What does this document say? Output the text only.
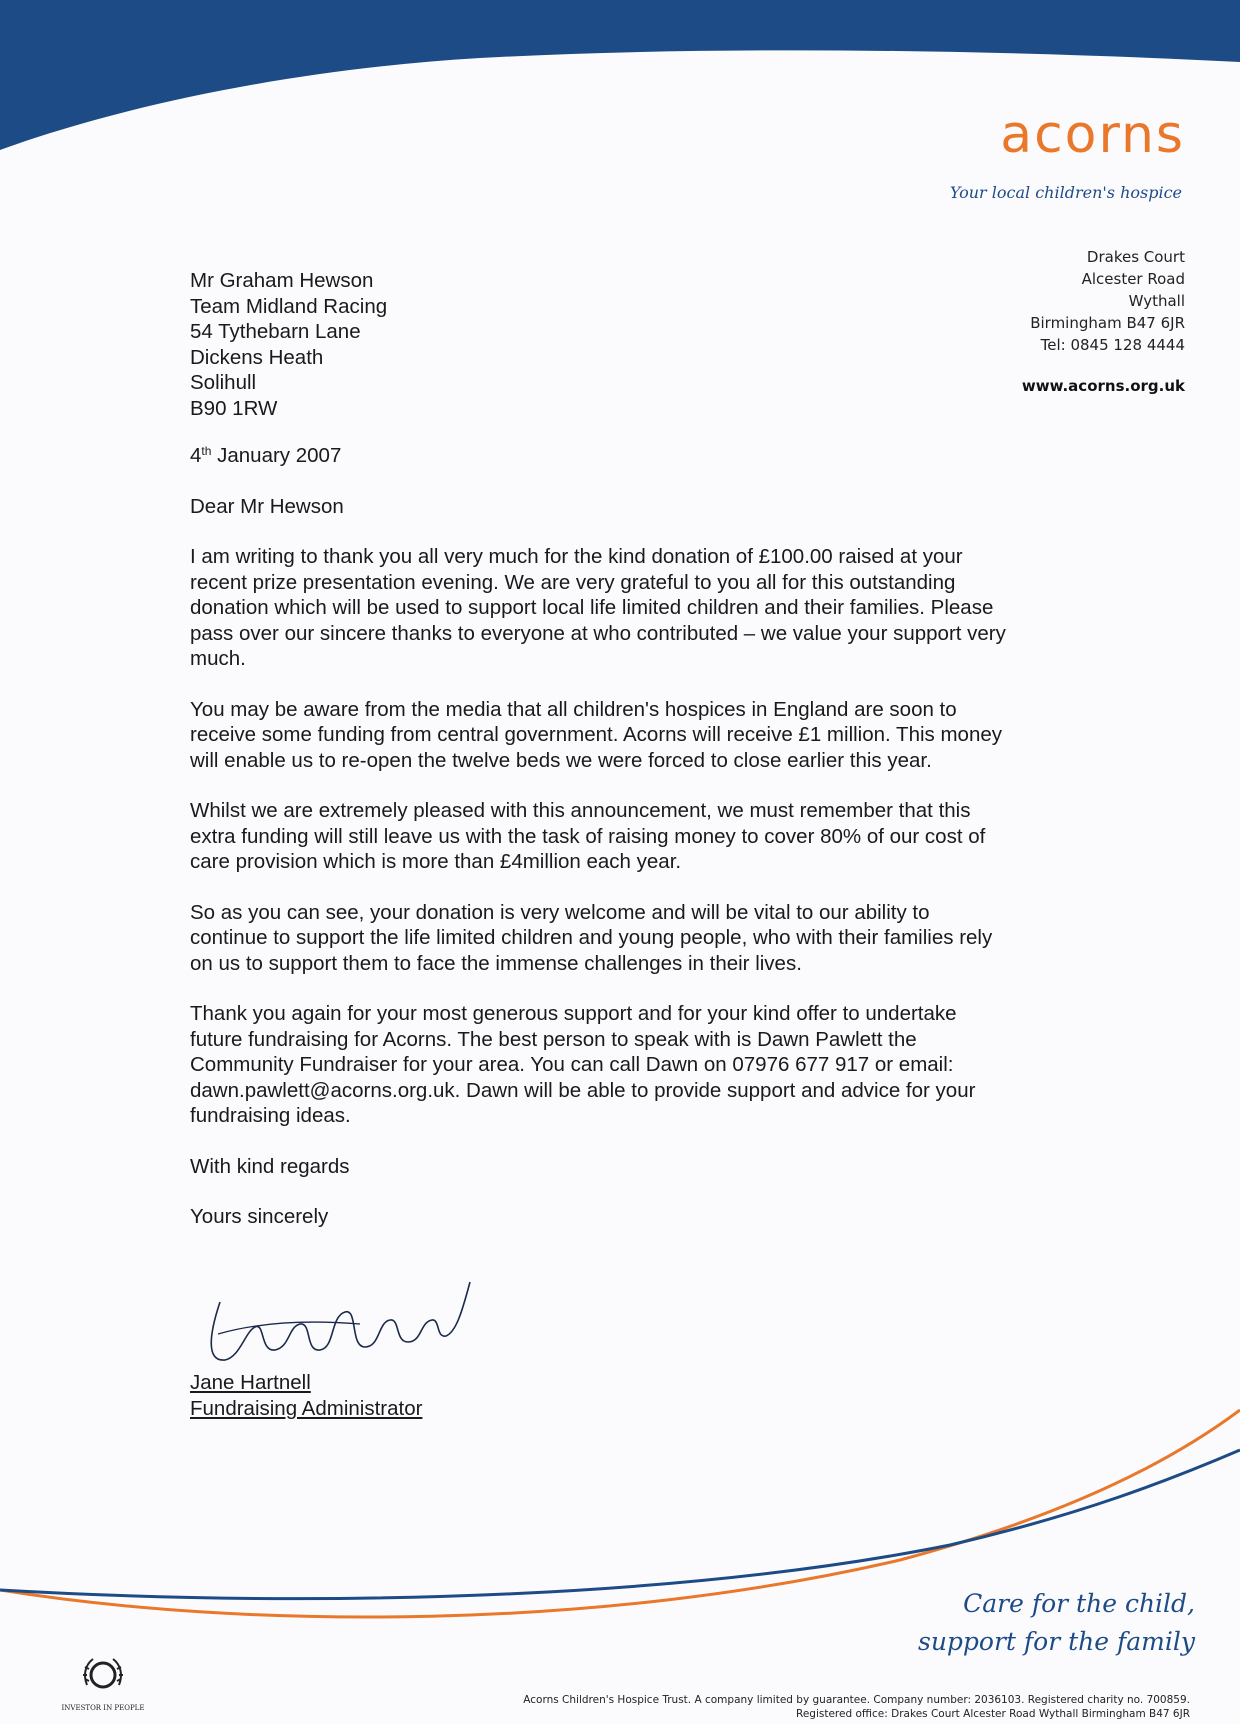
acorns
Your local children's hospice
Drakes Court
Alcester Road
Wythall
Birmingham B47 6JR
Tel: 0845 128 4444
www.acorns.org.uk

Mr Graham Hewson
Team Midland Racing
54 Tythebarn Lane
Dickens Heath
Solihull
B90 1RW

4th January 2007

Dear Mr Hewson

I am writing to thank you all very much for the kind donation of £100.00 raised at your recent prize presentation evening. We are very grateful to you all for this outstanding donation which will be used to support local life limited children and their families. Please pass over our sincere thanks to everyone at who contributed – we value your support very much.

You may be aware from the media that all children's hospices in England are soon to receive some funding from central government. Acorns will receive £1 million. This money will enable us to re-open the twelve beds we were forced to close earlier this year.

Whilst we are extremely pleased with this announcement, we must remember that this extra funding will still leave us with the task of raising money to cover 80% of our cost of care provision which is more than £4million each year.

So as you can see, your donation is very welcome and will be vital to our ability to continue to support the life limited children and young people, who with their families rely on us to support them to face the immense challenges in their lives.

Thank you again for your most generous support and for your kind offer to undertake future fundraising for Acorns. The best person to speak with is Dawn Pawlett the Community Fundraiser for your area. You can call Dawn on 07976 677 917 or email: dawn.pawlett@acorns.org.uk. Dawn will be able to provide support and advice for your fundraising ideas.

With kind regards

Yours sincerely

Jane Hartnell
Fundraising Administrator
Care for the child,
support for the family
INVESTOR IN PEOPLE
Acorns Children's Hospice Trust. A company limited by guarantee. Company number: 2036103. Registered charity no. 700859.
Registered office: Drakes Court Alcester Road Wythall Birmingham B47 6JR
